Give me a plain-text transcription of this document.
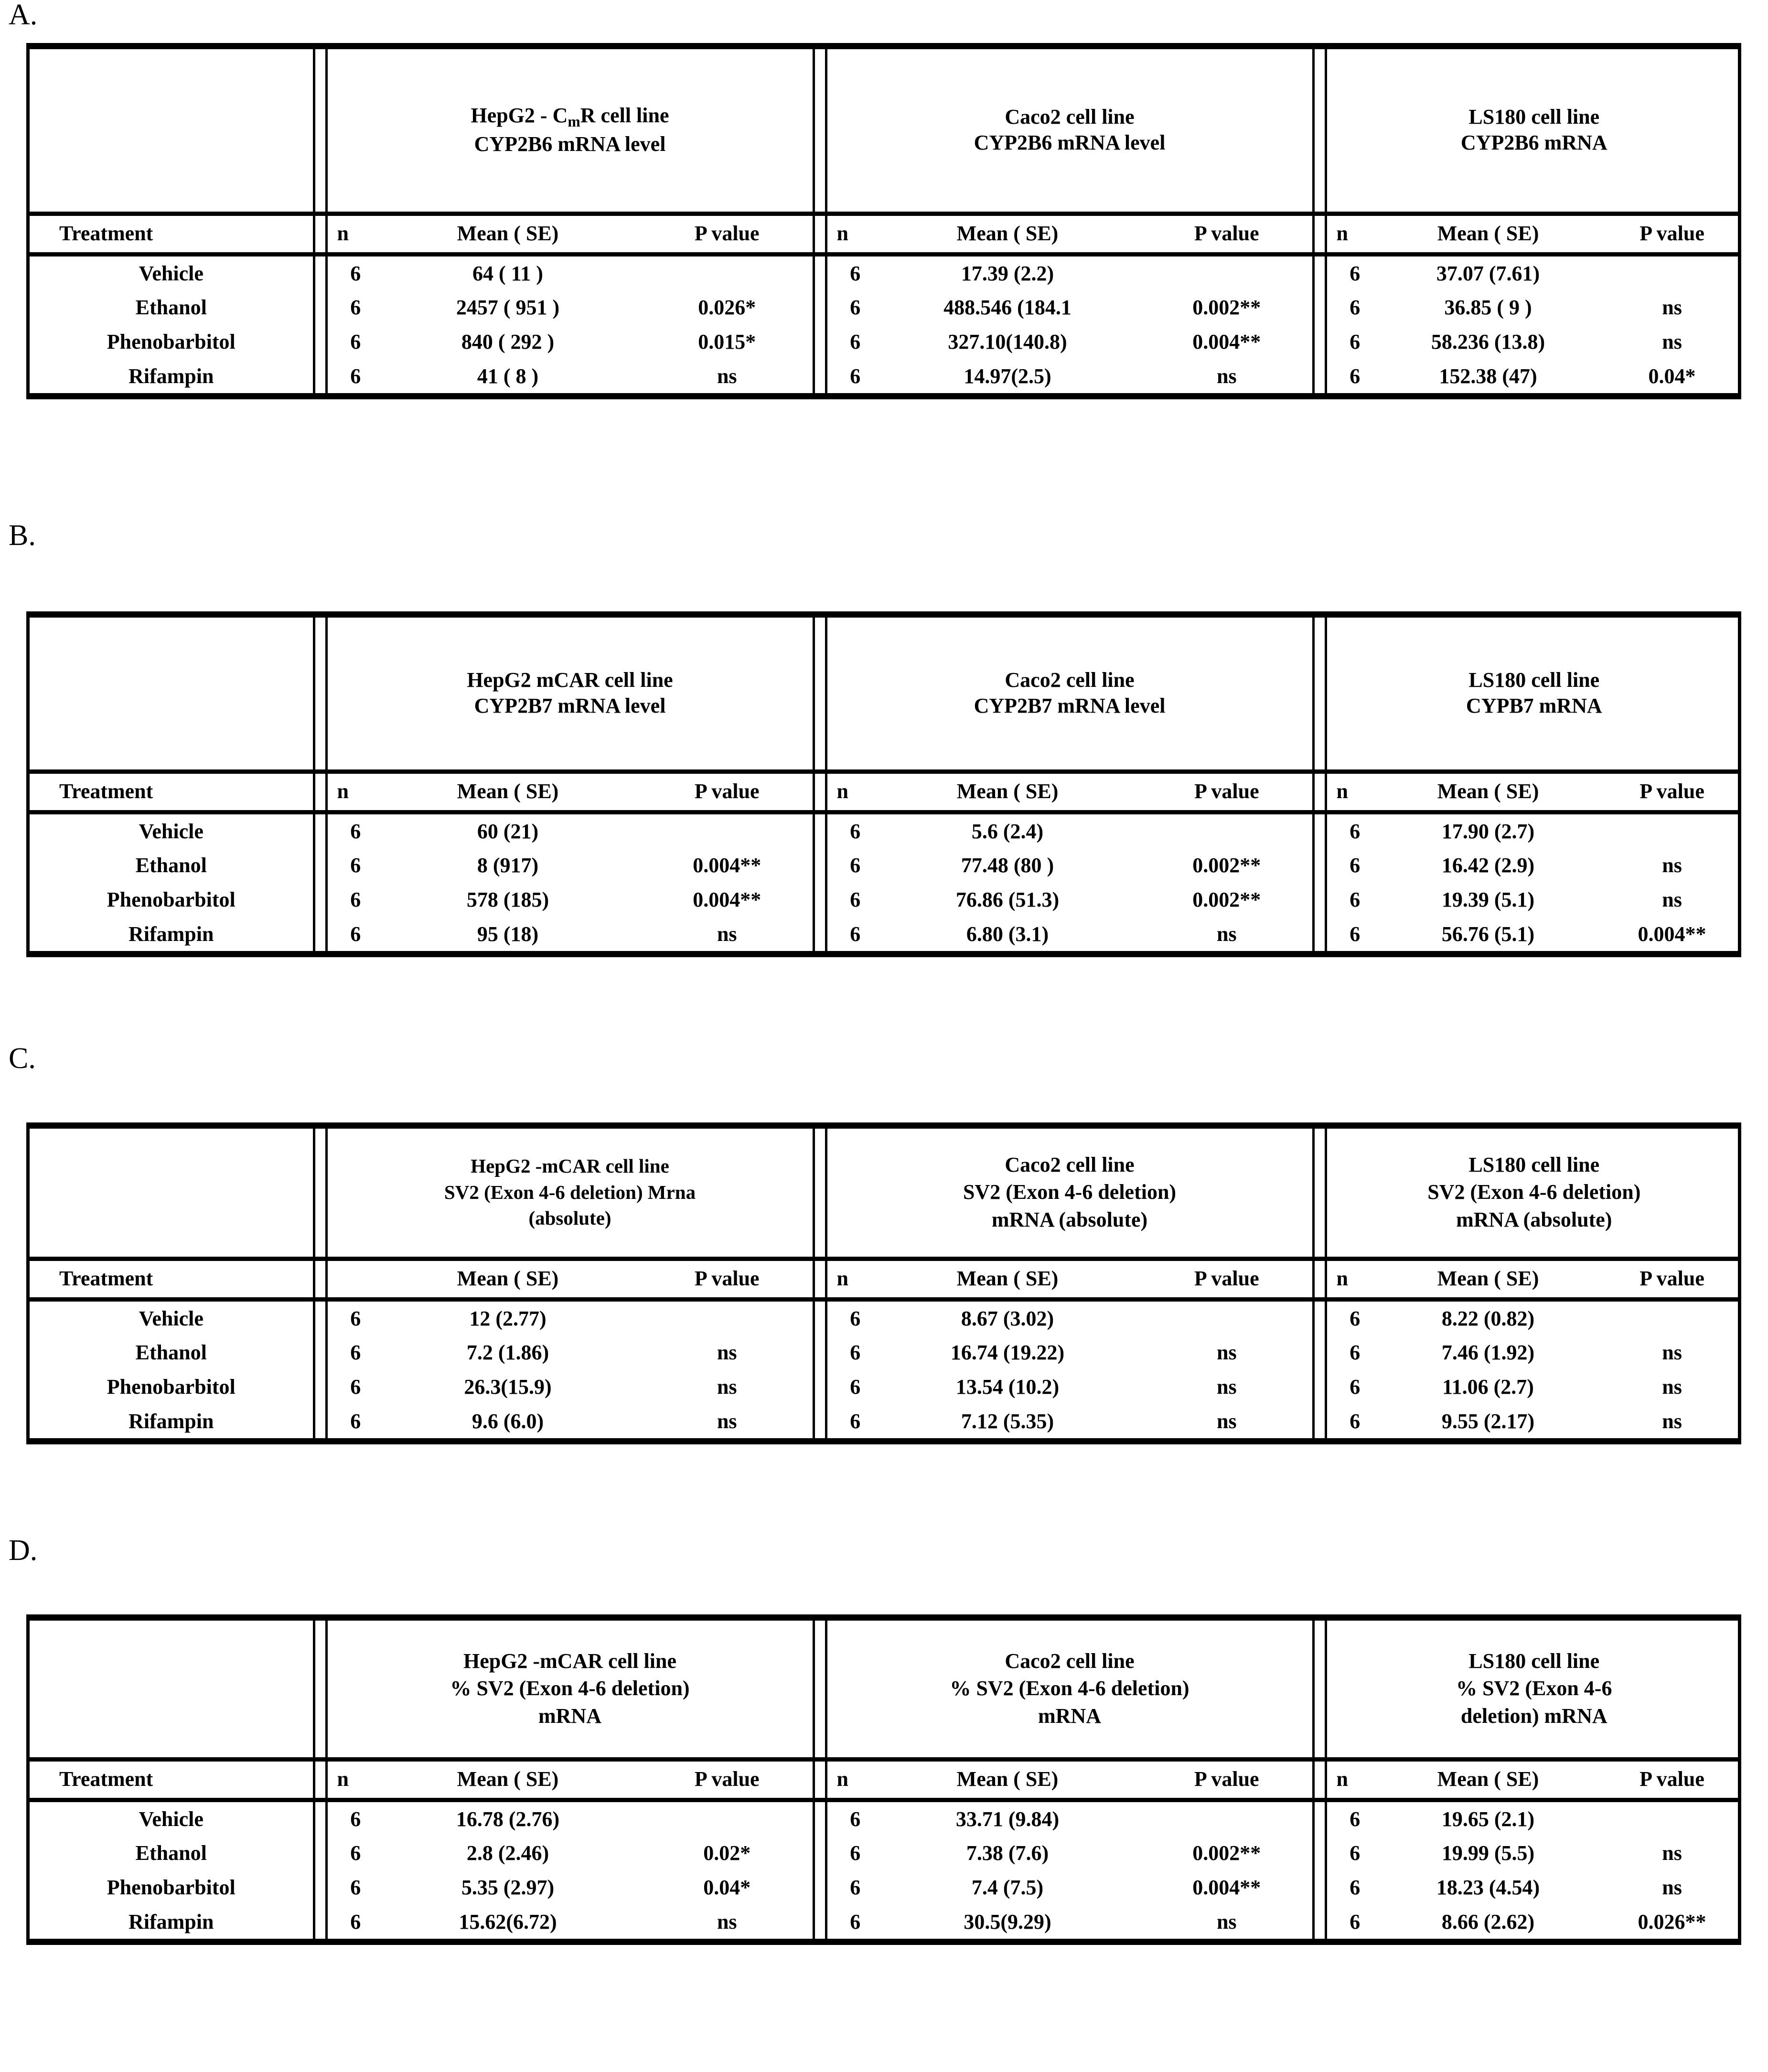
A.

HepG2 - $C_mR$ cell line
CYP2B6 mRNA level

Caco2 cell line
CYP2B6 mRNA level

LS180 cell line
CYP2B6 mRNA

Treatment		n	Mean ( SE)	P value		n	Mean ( SE)	P value		n	Mean ( SE)	P value
Vehicle		6	64 ( 11 )			6	17.39 (2.2)			6	37.07 (7.61)	
Ethanol		6	2457 ( 951 )	0.026*		6	488.546 (184.1	0.002**		6	36.85 ( 9 )	ns
Phenobarbitol		6	840 ( 292 )	0.015*		6	327.10(140.8)	0.004**		6	58.236 (13.8)	ns
Rifampin		6	41 ( 8 )	ns		6	14.97(2.5)	ns		6	152.38 (47)	0.04*
B.

HepG2 mCAR cell line
CYP2B7 mRNA level

Caco2 cell line
CYP2B7 mRNA level

LS180 cell line
CYPB7 mRNA

Treatment		n	Mean ( SE)	P value		n	Mean ( SE)	P value		n	Mean ( SE)	P value
Vehicle		6	60 (21)			6	5.6 (2.4)			6	17.90 (2.7)	
Ethanol		6	8 (917)	0.004**		6	77.48 (80 )	0.002**		6	16.42 (2.9)	ns
Phenobarbitol		6	578 (185)	0.004**		6	76.86 (51.3)	0.002**		6	19.39 (5.1)	ns
Rifampin		6	95 (18)	ns		6	6.80 (3.1)	ns		6	56.76 (5.1)	0.004**
C.

HepG2 -mCAR cell line
SV2 (Exon 4-6 deletion) Mrna
(absolute)

Caco2 cell line
SV2 (Exon 4-6 deletion)
mRNA (absolute)

LS180 cell line
SV2 (Exon 4-6 deletion)
mRNA (absolute)

Treatment			Mean ( SE)	P value		n	Mean ( SE)	P value		n	Mean ( SE)	P value
Vehicle		6	12 (2.77)			6	8.67 (3.02)			6	8.22 (0.82)	
Ethanol		6	7.2 (1.86)	ns		6	16.74 (19.22)	ns		6	7.46 (1.92)	ns
Phenobarbitol		6	26.3(15.9)	ns		6	13.54 (10.2)	ns		6	11.06 (2.7)	ns
Rifampin		6	9.6 (6.0)	ns		6	7.12 (5.35)	ns		6	9.55 (2.17)	ns
D.

HepG2 -mCAR cell line
% SV2 (Exon 4-6 deletion)
mRNA

Caco2 cell line
% SV2 (Exon 4-6 deletion)
mRNA

LS180 cell line
% SV2 (Exon 4-6
deletion) mRNA

Treatment		n	Mean ( SE)	P value		n	Mean ( SE)	P value		n	Mean ( SE)	P value
Vehicle		6	16.78 (2.76)			6	33.71 (9.84)			6	19.65 (2.1)	
Ethanol		6	2.8 (2.46)	0.02*		6	7.38 (7.6)	0.002**		6	19.99 (5.5)	ns
Phenobarbitol		6	5.35 (2.97)	0.04*		6	7.4 (7.5)	0.004**		6	18.23 (4.54)	ns
Rifampin		6	15.62(6.72)	ns		6	30.5(9.29)	ns		6	8.66 (2.62)	0.026**
